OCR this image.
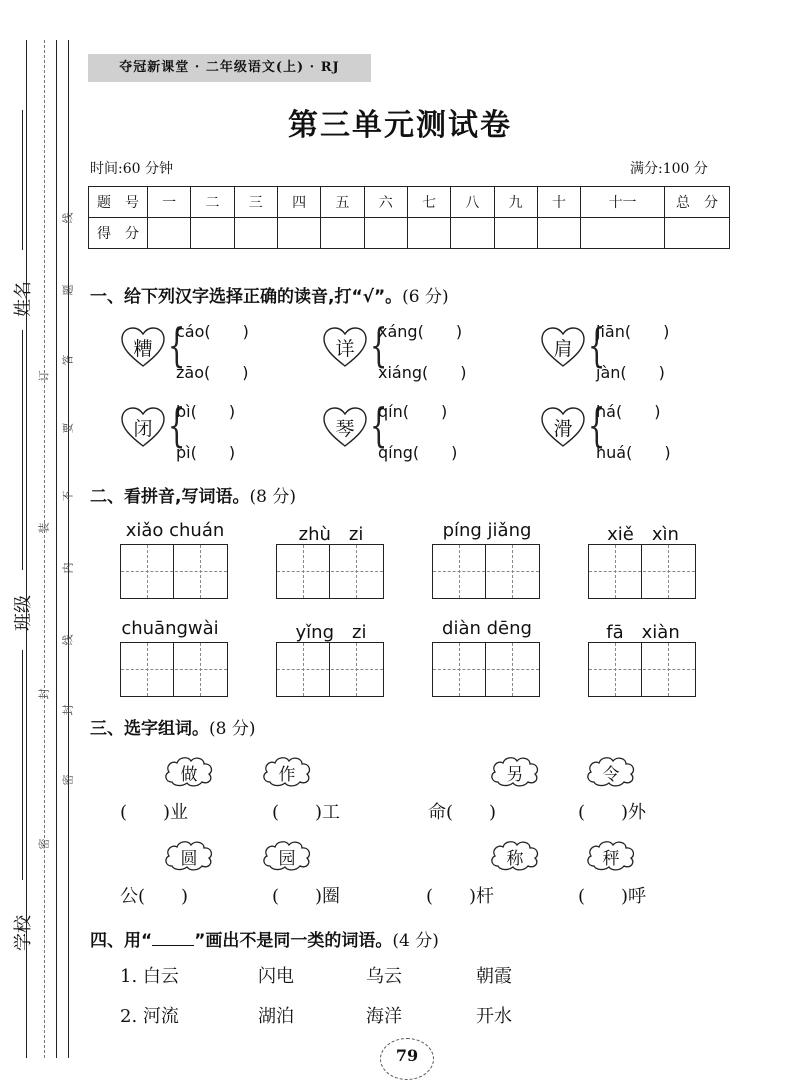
姓名
班级
学校
线
题
答
要
不
内
线
封
密
订
装
封
密
夺冠新课堂 · 二年级语文(上) · RJ
第三单元测试卷
时间:60 分钟	满分:100 分
题　号	一	二	三	四	五	六	七	八	九	十	十一	总　分
得　分												
一、给下列汉字选择正确的读音,打“√”。(6 分)
糟 {
cáo(　　)
zāo(　　)
详 {
xáng(　　)
xiáng(　　)
肩 {
jiān(　　)
jàn(　　)
闭 {
bì(　　)
pì(　　)
琴 {
qín(　　)
qíng(　　)
滑 {
há(　　)
huá(　　)
二、看拼音,写词语。(8 分)
xiǎo chuán	zhù　zi	píng jiǎng	xiě　xìn
chuāngwài	yǐng　zi	diàn dēng	fā　xiàn
三、选字组词。(8 分)
做	作	另	令
(　　)业	(　　)工	命(　　)	(　　)外
圆	园	称	秤
公(　　)	(　　)圈	(　　)杆	(　　)呼
四、用“ ”画出不是同一类的词语。(4 分)
1. 白云	闪电	乌云	朝霞
2. 河流	湖泊	海洋	开水
79
